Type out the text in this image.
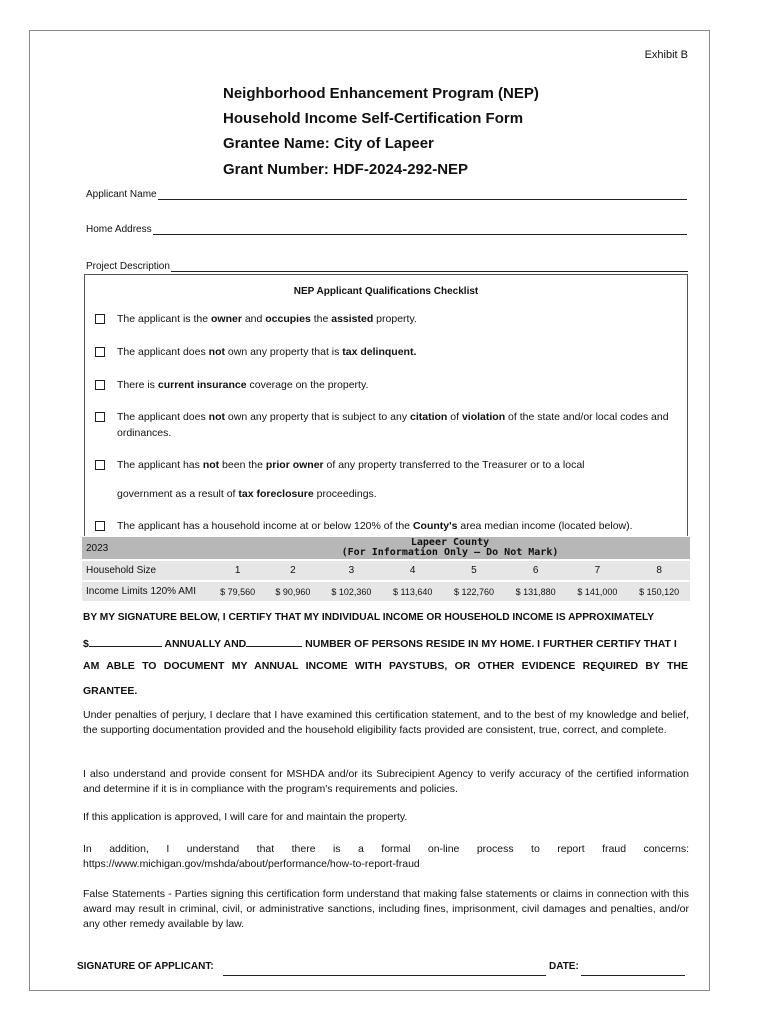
Exhibit B
Neighborhood Enhancement Program (NEP)
Household Income Self-Certification Form
Grantee Name: City of Lapeer
Grant Number: HDF-2024-292-NEP
Applicant Name
Home Address
Project Description
NEP Applicant Qualifications Checklist
The applicant is the owner and occupies the assisted property.
The applicant does not own any property that is tax delinquent.
There is current insurance coverage on the property.
The applicant does not own any property that is subject to any citation of violation of the state and/or local codes and ordinances.
The applicant has not been the prior owner of any property transferred to the Treasurer or to a local
government as a result of tax foreclosure proceedings.
The applicant has a household income at or below 120% of the County's area median income (located below).
2023	Lapeer County
(For Information Only – Do Not Mark)							

Household Size	1	2	3	4	5	6	7	8
Income Limits 120% AMI	$ 79,560	$ 90,960	$ 102,360	$ 113,640	$ 122,760	$ 131,880	$ 141,000	$ 150,120
BY MY SIGNATURE BELOW, I CERTIFY THAT MY INDIVIDUAL INCOME OR HOUSEHOLD INCOME IS APPROXIMATELY
$	ANNUALLY AND	NUMBER OF PERSONS RESIDE IN MY HOME. I FURTHER CERTIFY THAT I
AM ABLE TO DOCUMENT MY ANNUAL INCOME WITH PAYSTUBS, OR OTHER EVIDENCE REQUIRED BY THE
GRANTEE.
Under penalties of perjury, I declare that I have examined this certification statement, and to the best of my knowledge and belief, the supporting documentation provided and the household eligibility facts provided are consistent, true, correct, and complete.
I also understand and provide consent for MSHDA and/or its Subrecipient Agency to verify accuracy of the certified information and determine if it is in compliance with the program's requirements and policies.
If this application is approved, I will care for and maintain the property.
In addition, I understand that there is a formal on-line process to report fraud concerns: https://www.michigan.gov/mshda/about/performance/how-to-report-fraud
False Statements - Parties signing this certification form understand that making false statements or claims in connection with this award may result in criminal, civil, or administrative sanctions, including fines, imprisonment, civil damages and penalties, and/or any other remedy available by law.
SIGNATURE OF APPLICANT:	DATE:
